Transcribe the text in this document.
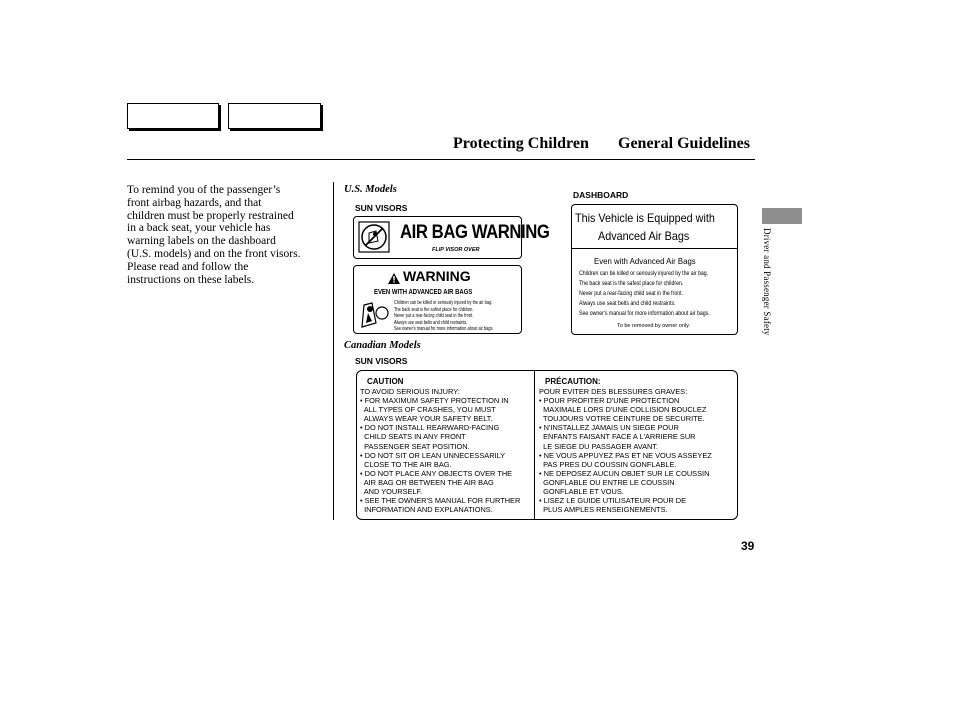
Protecting Children General Guidelines
To remind you of the passenger’s
front airbag hazards, and that
children must be properly restrained
in a back seat, your vehicle has
warning labels on the dashboard
(U.S. models) and on the front visors.
Please read and follow the
instructions on these labels.
U.S. Models
SUN VISORS
DASHBOARD
AIR BAG WARNING
FLIP VISOR OVER
WARNING
EVEN WITH ADVANCED AIR BAGS
Children can be killed or seriously injured by the air bag.
The back seat is the safest place for children.
Never put a rear-facing child seat in the front.
Always use seat belts and child restraints.
See owner's manual for more information about air bags.
This Vehicle is Equipped with
Advanced Air Bags
Even with Advanced Air Bags
Children can be killed or seriously injured by the air bag.
The back seat is the safest place for children.
Never put a rear-facing child seat in the front.
Always use seat belts and child restraints.
See owner's manual for more information about air bags.
To be removed by owner only.
Canadian Models
SUN VISORS
CAUTION
TO AVOID SERIOUS INJURY:
• FOR MAXIMUM SAFETY PROTECTION IN
ALL TYPES OF CRASHES, YOU MUST
ALWAYS WEAR YOUR SAFETY BELT.
• DO NOT INSTALL REARWARD-FACING
CHILD SEATS IN ANY FRONT
PASSENGER SEAT POSITION.
• DO NOT SIT OR LEAN UNNECESSARILY
CLOSE TO THE AIR BAG.
• DO NOT PLACE ANY OBJECTS OVER THE
AIR BAG OR BETWEEN THE AIR BAG
AND YOURSELF.
• SEE THE OWNER'S MANUAL FOR FURTHER
INFORMATION AND EXPLANATIONS.
PRÉCAUTION:
POUR EVITER DES BLESSURES GRAVES:
• POUR PROFITER D'UNE PROTECTION
MAXIMALE LORS D'UNE COLLISION BOUCLEZ
TOUJOURS VOTRE CEINTURE DE SECURITE.
• N'INSTALLEZ JAMAIS UN SIEGE POUR
ENFANTS FAISANT FACE A L'ARRIERE SUR
LE SIEGE DU PASSAGER AVANT.
• NE VOUS APPUYEZ PAS ET NE VOUS ASSEYEZ
PAS PRES DU COUSSIN GONFLABLE.
• NE DEPOSEZ AUCUN OBJET SUR LE COUSSIN
GONFLABLE OU ENTRE LE COUSSIN
GONFLABLE ET VOUS.
• LISEZ LE GUIDE UTILISATEUR POUR DE
PLUS AMPLES RENSEIGNEMENTS.
Driver and Passenger Safety
39
